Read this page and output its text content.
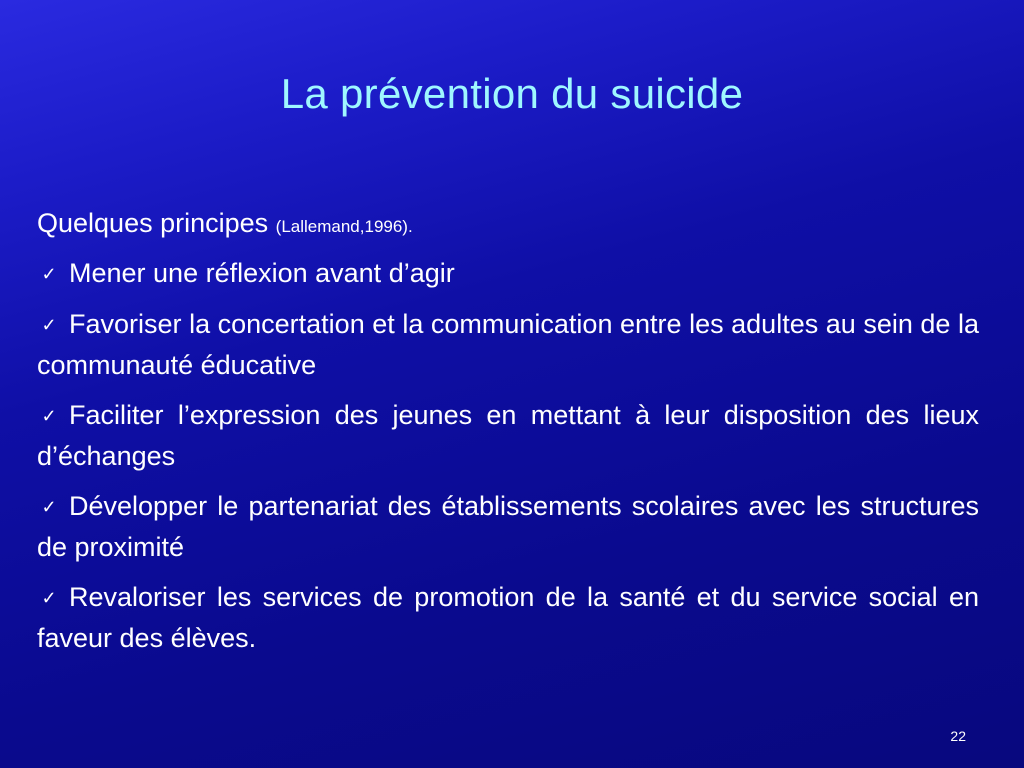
La prévention du suicide

Quelques principes (Lallemand,1996).

✓ Mener une réflexion avant d’agir

✓ Favoriser la concertation et la communication entre les adultes au sein de la communauté éducative

✓ Faciliter l’expression des jeunes en mettant à leur disposition des lieux d’échanges

✓ Développer le partenariat des établissements scolaires avec les structures de proximité

✓ Revaloriser les services de promotion de la santé et du service social en faveur des élèves.

22
